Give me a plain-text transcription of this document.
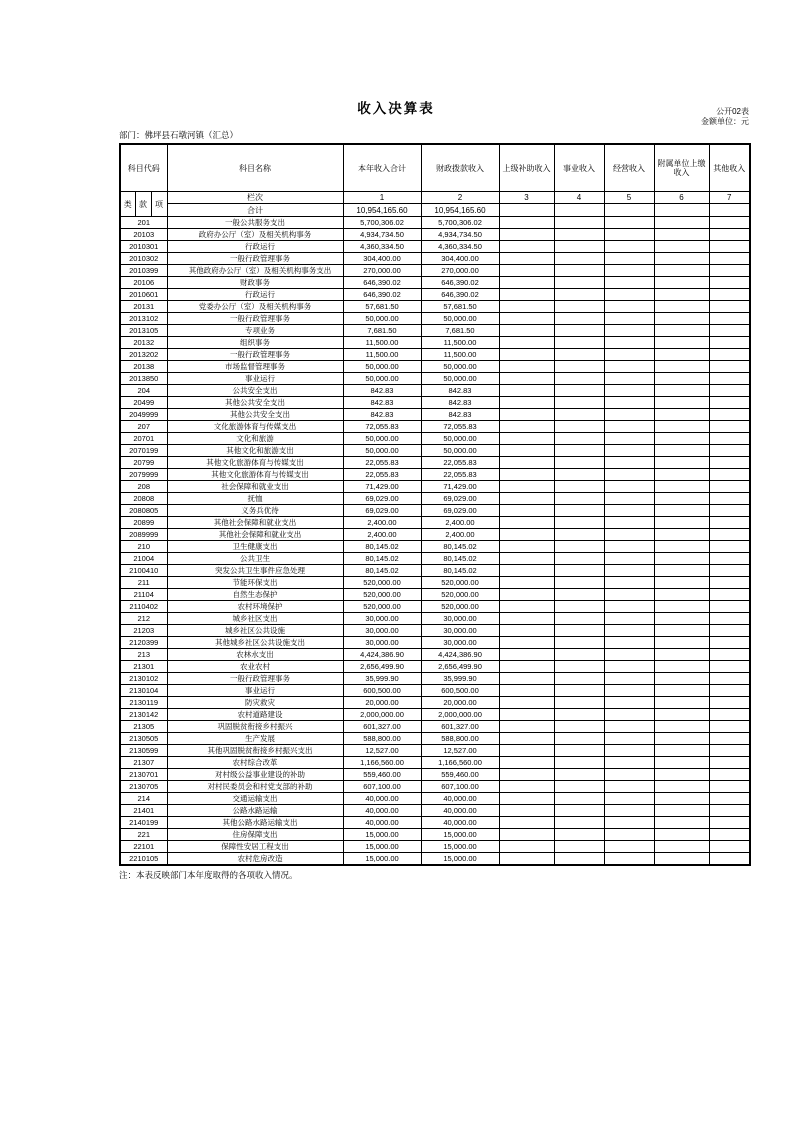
收入决算表	公开02表
金额单位：元
部门：佛坪县石墩河镇（汇总）
科目代码			科目名称	本年收入合计	财政拨款收入	上级补助收入	事业收入	经营收入	附属单位上缴收入	其他收入
类	款	项	栏次	1	2	3	4	5	6	7
			合计	10,954,165.60	10,954,165.60					
201			一般公共服务支出	5,700,306.02	5,700,306.02					
20103			政府办公厅（室）及相关机构事务	4,934,734.50	4,934,734.50					
2010301			行政运行	4,360,334.50	4,360,334.50					
2010302			一般行政管理事务	304,400.00	304,400.00					
2010399			其他政府办公厅（室）及相关机构事务支出	270,000.00	270,000.00					
20106			财政事务	646,390.02	646,390.02					
2010601			行政运行	646,390.02	646,390.02					
20131			党委办公厅（室）及相关机构事务	57,681.50	57,681.50					
2013102			一般行政管理事务	50,000.00	50,000.00					
2013105			专项业务	7,681.50	7,681.50					
20132			组织事务	11,500.00	11,500.00					
2013202			一般行政管理事务	11,500.00	11,500.00					
20138			市场监督管理事务	50,000.00	50,000.00					
2013850			事业运行	50,000.00	50,000.00					
204			公共安全支出	842.83	842.83					
20499			其他公共安全支出	842.83	842.83					
2049999			其他公共安全支出	842.83	842.83					
207			文化旅游体育与传媒支出	72,055.83	72,055.83					
20701			文化和旅游	50,000.00	50,000.00					
2070199			其他文化和旅游支出	50,000.00	50,000.00					
20799			其他文化旅游体育与传媒支出	22,055.83	22,055.83					
2079999			其他文化旅游体育与传媒支出	22,055.83	22,055.83					
208			社会保障和就业支出	71,429.00	71,429.00					
20808			抚恤	69,029.00	69,029.00					
2080805			义务兵优待	69,029.00	69,029.00					
20899			其他社会保障和就业支出	2,400.00	2,400.00					
2089999			其他社会保障和就业支出	2,400.00	2,400.00					
210			卫生健康支出	80,145.02	80,145.02					
21004			公共卫生	80,145.02	80,145.02					
2100410			突发公共卫生事件应急处理	80,145.02	80,145.02					
211			节能环保支出	520,000.00	520,000.00					
21104			自然生态保护	520,000.00	520,000.00					
2110402			农村环境保护	520,000.00	520,000.00					
212			城乡社区支出	30,000.00	30,000.00					
21203			城乡社区公共设施	30,000.00	30,000.00					
2120399			其他城乡社区公共设施支出	30,000.00	30,000.00					
213			农林水支出	4,424,386.90	4,424,386.90					
21301			农业农村	2,656,499.90	2,656,499.90					
2130102			一般行政管理事务	35,999.90	35,999.90					
2130104			事业运行	600,500.00	600,500.00					
2130119			防灾救灾	20,000.00	20,000.00					
2130142			农村道路建设	2,000,000.00	2,000,000.00					
21305			巩固脱贫衔接乡村振兴	601,327.00	601,327.00					
2130505			生产发展	588,800.00	588,800.00					
2130599			其他巩固脱贫衔接乡村振兴支出	12,527.00	12,527.00					
21307			农村综合改革	1,166,560.00	1,166,560.00					
2130701			对村级公益事业建设的补助	559,460.00	559,460.00					
2130705			对村民委员会和村党支部的补助	607,100.00	607,100.00					
214			交通运输支出	40,000.00	40,000.00					
21401			公路水路运输	40,000.00	40,000.00					
2140199			其他公路水路运输支出	40,000.00	40,000.00					
221			住房保障支出	15,000.00	15,000.00					
22101			保障性安居工程支出	15,000.00	15,000.00					
2210105			农村危房改造	15,000.00	15,000.00					
注：本表反映部门本年度取得的各项收入情况。
